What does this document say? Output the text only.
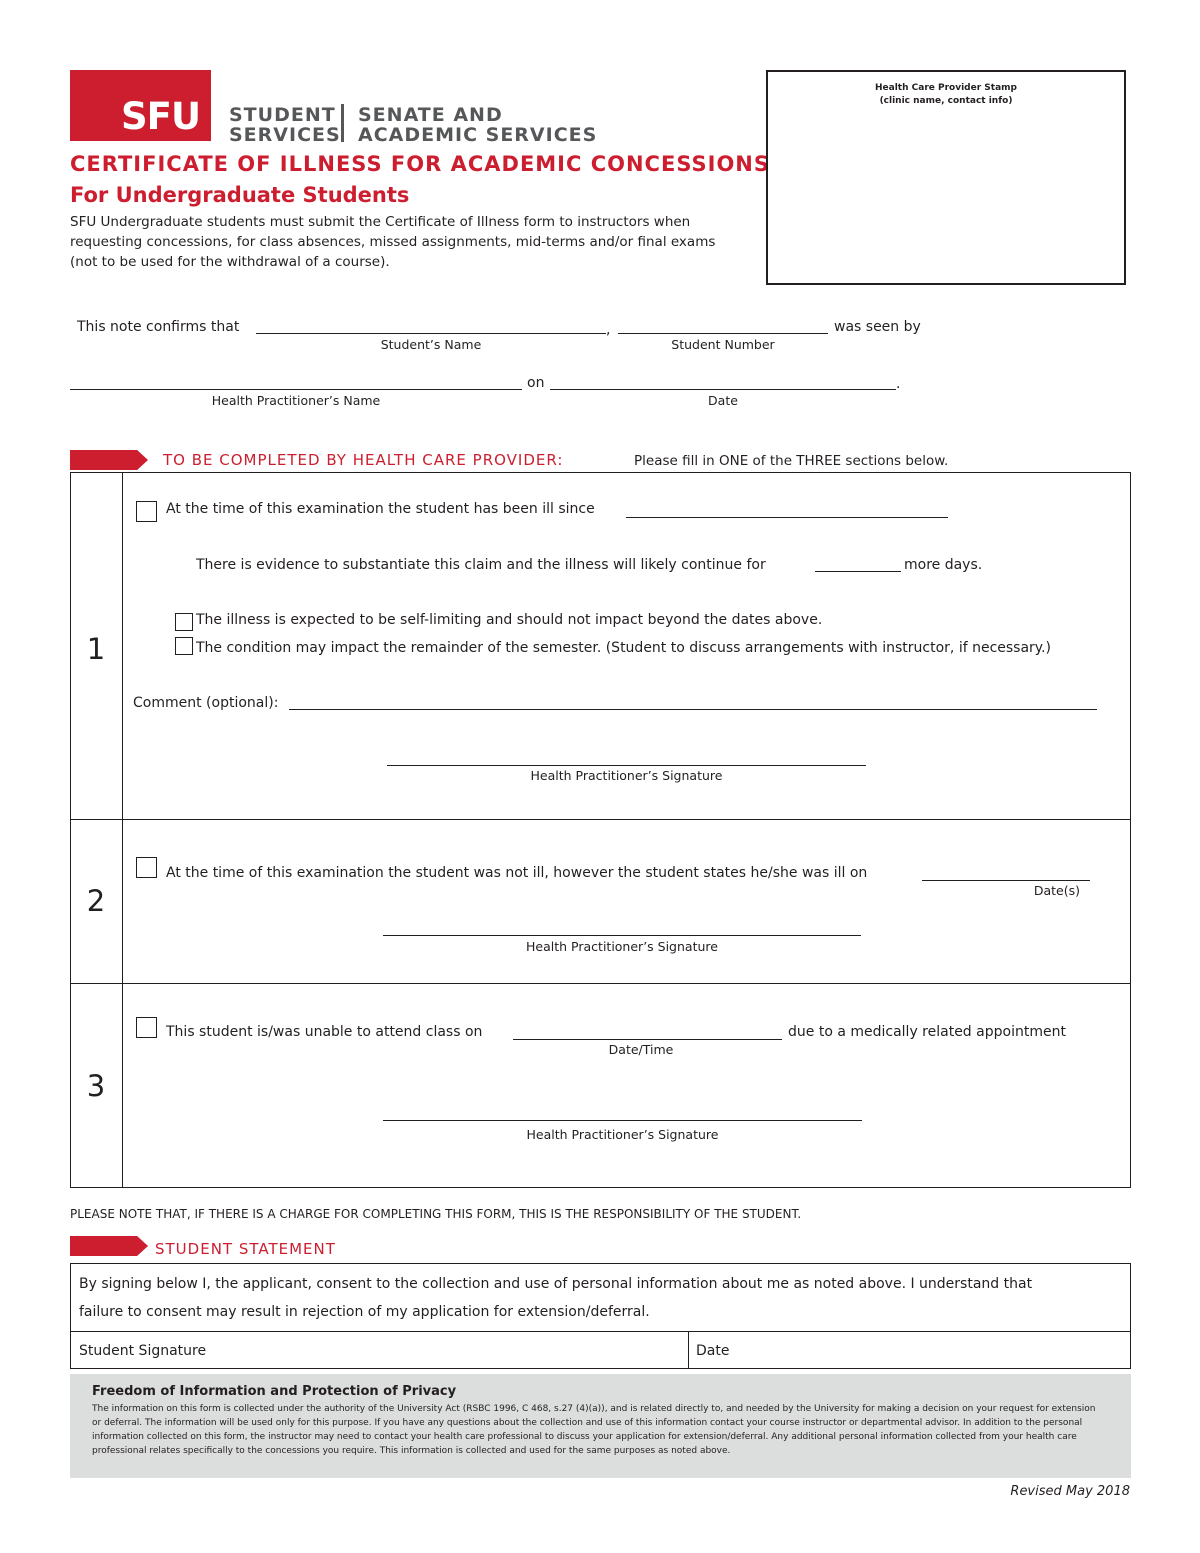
SFU	STUDENT
SERVICES
SENATE AND
ACADEMIC SERVICES
CERTIFICATE OF ILLNESS FOR ACADEMIC CONCESSIONS
For Undergraduate Students
SFU Undergraduate students must submit the Certificate of Illness form to instructors when
requesting concessions, for class absences, missed assignments, mid-terms and/or final exams
(not to be used for the withdrawal of a course).
Health Care Provider Stamp
(clinic name, contact info)
This note confirms that	,	was seen by
Student’s Name	Student Number
on	.
Health Practitioner’s Name	Date
TO BE COMPLETED BY HEALTH CARE PROVIDER:	Please fill in ONE of the THREE sections below.
1
At the time of this examination the student has been ill since
There is evidence to substantiate this claim and the illness will likely continue for	more days.
The illness is expected to be self-limiting and should not impact beyond the dates above.
The condition may impact the remainder of the semester. (Student to discuss arrangements with instructor, if necessary.)
Comment (optional):
Health Practitioner’s Signature
2
At the time of this examination the student was not ill, however the student states he/she was ill on
Date(s)
Health Practitioner’s Signature
3
This student is/was unable to attend class on	due to a medically related appointment
Date/Time
Health Practitioner’s Signature
PLEASE NOTE THAT, IF THERE IS A CHARGE FOR COMPLETING THIS FORM, THIS IS THE RESPONSIBILITY OF THE STUDENT.
STUDENT STATEMENT
By signing below I, the applicant, consent to the collection and use of personal information about me as noted above. I understand that
failure to consent may result in rejection of my application for extension/deferral.
Student Signature	Date
Freedom of Information and Protection of Privacy
The information on this form is collected under the authority of the University Act (RSBC 1996, C 468, s.27 (4)(a)), and is related directly to, and needed by the University for making a decision on your request for extension or deferral. The information will be used only for this purpose. If you have any questions about the collection and use of this information contact your course instructor or departmental advisor. In addition to the personal information collected on this form, the instructor may need to contact your health care professional to discuss your application for extension/deferral. Any additional personal information collected from your health care professional relates specifically to the concessions you require. This information is collected and used for the same purposes as noted above.
Revised May 2018
